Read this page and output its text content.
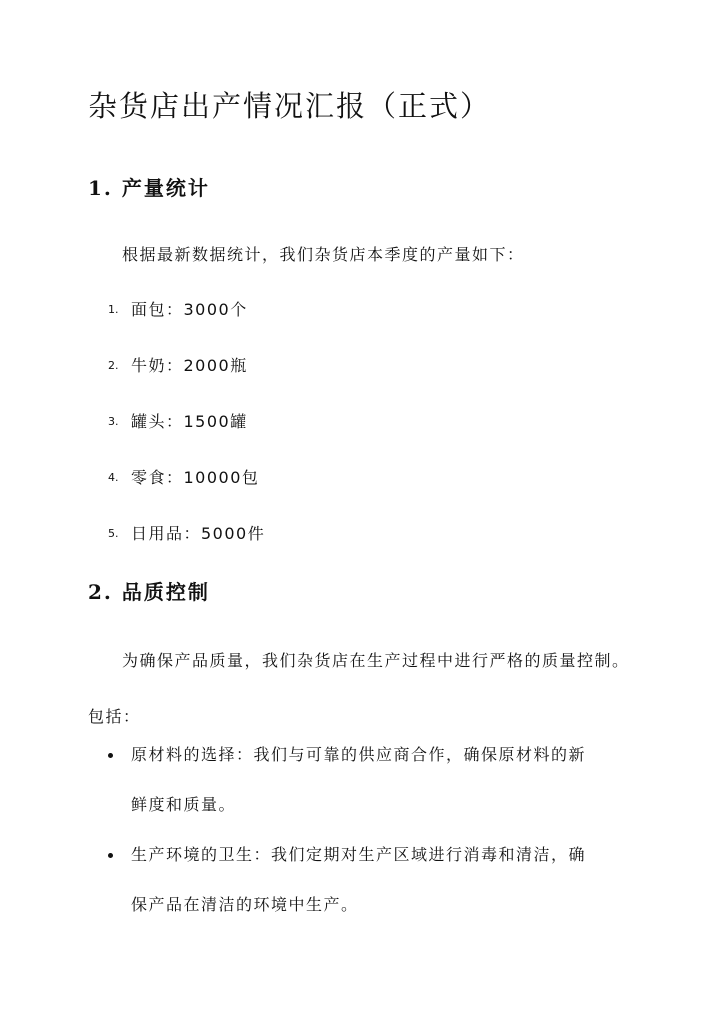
杂货店出产情况汇报（正式）
1. 产量统计

根据最新数据统计，我们杂货店本季度的产量如下：

1. 面包：3000个
2. 牛奶：2000瓶
3. 罐头：1500罐
4. 零食：10000包
5. 日用品：5000件
2. 品质控制

为确保产品质量，我们杂货店在生产过程中进行严格的质量控制。包括：

原材料的选择：我们与可靠的供应商合作，确保原材料的新
鲜度和质量。
生产环境的卫生：我们定期对生产区域进行消毒和清洁，确
保产品在清洁的环境中生产。
